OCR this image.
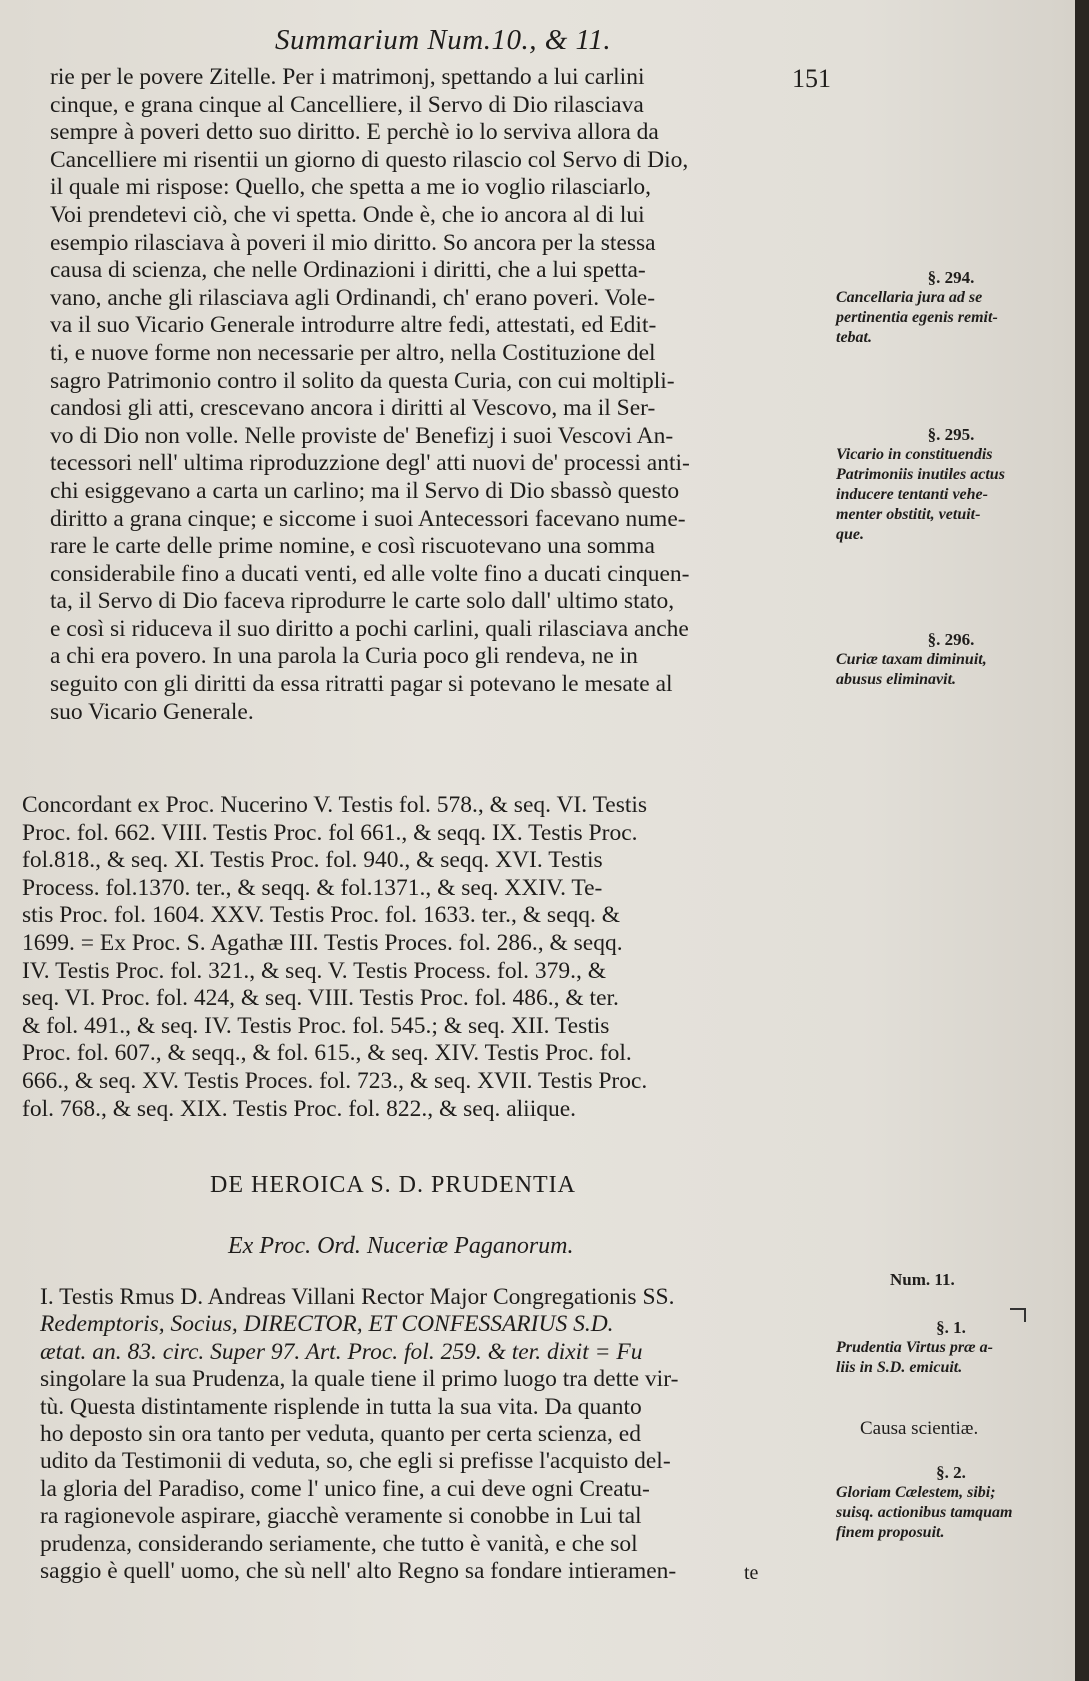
Summarium Num.10., & 11.
151
rie per le povere Zitelle. Per i matrimonj, spettando a lui carlini
cinque, e grana cinque al Cancelliere, il Servo di Dio rilasciava
sempre à poveri detto suo diritto. E perchè io lo serviva allora da
Cancelliere mi risentii un giorno di questo rilascio col Servo di Dio,
il quale mi rispose: Quello, che spetta a me io voglio rilasciarlo,
Voi prendetevi ciò, che vi spetta. Onde è, che io ancora al di lui
esempio rilasciava à poveri il mio diritto. So ancora per la stessa
causa di scienza, che nelle Ordinazioni i diritti, che a lui spetta-
vano, anche gli rilasciava agli Ordinandi, ch' erano poveri. Vole-
va il suo Vicario Generale introdurre altre fedi, attestati, ed Edit-
ti, e nuove forme non necessarie per altro, nella Costituzione del
sagro Patrimonio contro il solito da questa Curia, con cui moltipli-
candosi gli atti, crescevano ancora i diritti al Vescovo, ma il Ser-
vo di Dio non volle. Nelle proviste de' Benefizj i suoi Vescovi An-
tecessori nell' ultima riproduzzione degl' atti nuovi de' processi anti-
chi esiggevano a carta un carlino; ma il Servo di Dio sbassò questo
diritto a grana cinque; e siccome i suoi Antecessori facevano nume-
rare le carte delle prime nomine, e così riscuotevano una somma
considerabile fino a ducati venti, ed alle volte fino a ducati cinquen-
ta, il Servo di Dio faceva riprodurre le carte solo dall' ultimo stato,
e così si riduceva il suo diritto a pochi carlini, quali rilasciava anche
a chi era povero. In una parola la Curia poco gli rendeva, ne in
seguito con gli diritti da essa ritratti pagar si potevano le mesate al
suo Vicario Generale.
Concordant ex Proc. Nucerino V. Testis fol. 578., & seq. VI. Testis
Proc. fol. 662. VIII. Testis Proc. fol 661., & seqq. IX. Testis Proc.
fol.818., & seq. XI. Testis Proc. fol. 940., & seqq. XVI. Testis
Process. fol.1370. ter., & seqq. & fol.1371., & seq. XXIV. Te-
stis Proc. fol. 1604. XXV. Testis Proc. fol. 1633. ter., & seqq. &
1699. = Ex Proc. S. Agathæ III. Testis Proces. fol. 286., & seqq.
IV. Testis Proc. fol. 321., & seq. V. Testis Process. fol. 379., &
seq. VI. Proc. fol. 424, & seq. VIII. Testis Proc. fol. 486., & ter.
& fol. 491., & seq. IV. Testis Proc. fol. 545.; & seq. XII. Testis
Proc. fol. 607., & seqq., & fol. 615., & seq. XIV. Testis Proc. fol.
666., & seq. XV. Testis Proces. fol. 723., & seq. XVII. Testis Proc.
fol. 768., & seq. XIX. Testis Proc. fol. 822., & seq. aliique.
DE HEROICA S. D. PRUDENTIA
Ex Proc. Ord. Nuceriæ Paganorum.
I. Testis Rmus D. Andreas Villani Rector Major Congregationis SS.
Redemptoris, Socius, DIRECTOR, ET CONFESSARIUS S.D.
ætat. an. 83. circ. Super 97. Art. Proc. fol. 259. & ter. dixit = Fu
singolare la sua Prudenza, la quale tiene il primo luogo tra dette vir-
tù. Questa distintamente risplende in tutta la sua vita. Da quanto
ho deposto sin ora tanto per veduta, quanto per certa scienza, ed
udito da Testimonii di veduta, so, che egli si prefisse l'acquisto del-
la gloria del Paradiso, come l' unico fine, a cui deve ogni Creatu-
ra ragionevole aspirare, giacchè veramente si conobbe in Lui tal
prudenza, considerando seriamente, che tutto è vanità, e che sol
saggio è quell' uomo, che sù nell' alto Regno sa fondare intieramen-	te
§. 294.
Cancellaria jura ad se
pertinentia egenis remit-
tebat.
§. 295.
Vicario in constituendis
Patrimoniis inutiles actus
inducere tentanti vehe-
menter obstitit, vetuit-
que.
§. 296.
Curiæ taxam diminuit,
abusus eliminavit.
Num. 11.
§. 1.
Prudentia Virtus præ a-
liis in S.D. emicuit.
Causa scientiæ.
§. 2.
Gloriam Cælestem, sibi;
suisq. actionibus tamquam
finem proposuit.
